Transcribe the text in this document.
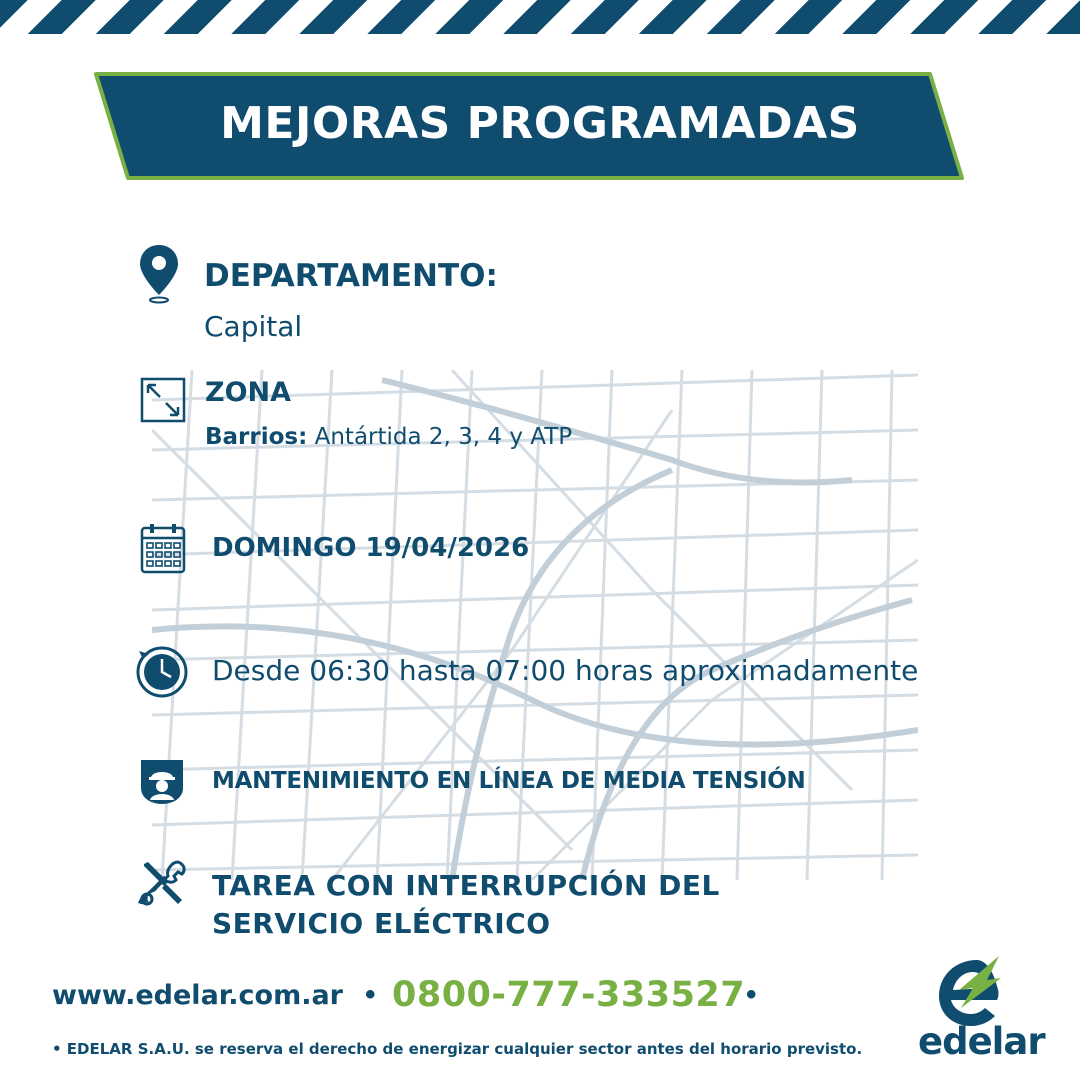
MEJORAS PROGRAMADAS
DEPARTAMENTO:
Capital
ZONA
Barrios: Antártida 2, 3, 4 y ATP
DOMINGO 19/04/2026
Desde 06:30 hasta 07:00 horas aproximadamente
MANTENIMIENTO EN LÍNEA DE MEDIA TENSIÓN
TAREA CON INTERRUPCIÓN DEL
SERVICIO ELÉCTRICO
www.edelar.com.ar • 0800-777-333527 •
• EDELAR S.A.U. se reserva el derecho de energizar cualquier sector antes del horario previsto. edelar
